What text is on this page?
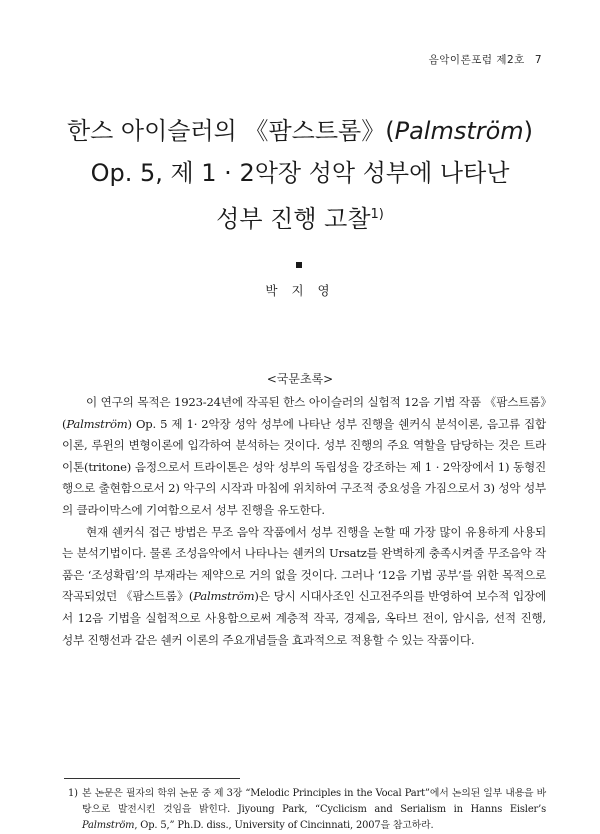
음악이론포럼 제2호 7
한스 아이슬러의 《팜스트롬》(Palmström)
Op. 5, 제 1 · 2악장 성악 성부에 나타난
성부 진행 고찰$^{1)}$
박 지 영
<국문초록>

이 연구의 목적은 1923-24년에 작곡된 한스 아이슬러의 실험적 12음 기법 작품 《팜스트롬》(Palmström) Op. 5 제 1· 2악장 성악 성부에 나타난 성부 진행을 쉔커식 분석이론, 음고류 집합이론, 루윈의 변형이론에 입각하여 분석하는 것이다. 성부 진행의 주요 역할을 담당하는 것은 트라이톤(tritone) 음정으로서 트라이톤은 성악 성부의 독립성을 강조하는 제 1 · 2악장에서 1) 동형진행으로 출현함으로서 2) 악구의 시작과 마침에 위치하여 구조적 중요성을 가짐으로서 3) 성악 성부의 클라이막스에 기여함으로서 성부 진행을 유도한다.

현재 쉔커식 접근 방법은 무조 음악 작품에서 성부 진행을 논할 때 가장 많이 유용하게 사용되는 분석기법이다. 물론 조성음악에서 나타나는 쉔커의 Ursatz를 완벽하게 충족시켜줄 무조음악 작품은 ‘조성확립’의 부재라는 제약으로 거의 없을 것이다. 그러나 ‘12음 기법 공부’를 위한 목적으로 작곡되었던 《팜스트롬》(Palmström)은 당시 시대사조인 신고전주의를 반영하여 보수적 입장에서 12음 기법을 실험적으로 사용함으로써 계층적 작곡, 경제음, 옥타브 전이, 암시음, 선적 진행, 성부 진행선과 같은 쉔커 이론의 주요개념들을 효과적으로 적용할 수 있는 작품이다.

1) 본 논문은 필자의 학위 논문 중 제 3장 “Melodic Principles in the Vocal Part”에서 논의된 일부 내용을 바탕으로 발전시킨 것임을 밝힌다. Jiyoung Park, “Cyclicism and Serialism in Hanns Eisler’s Palmström, Op. 5,” Ph.D. diss., University of Cincinnati, 2007을 참고하라.
